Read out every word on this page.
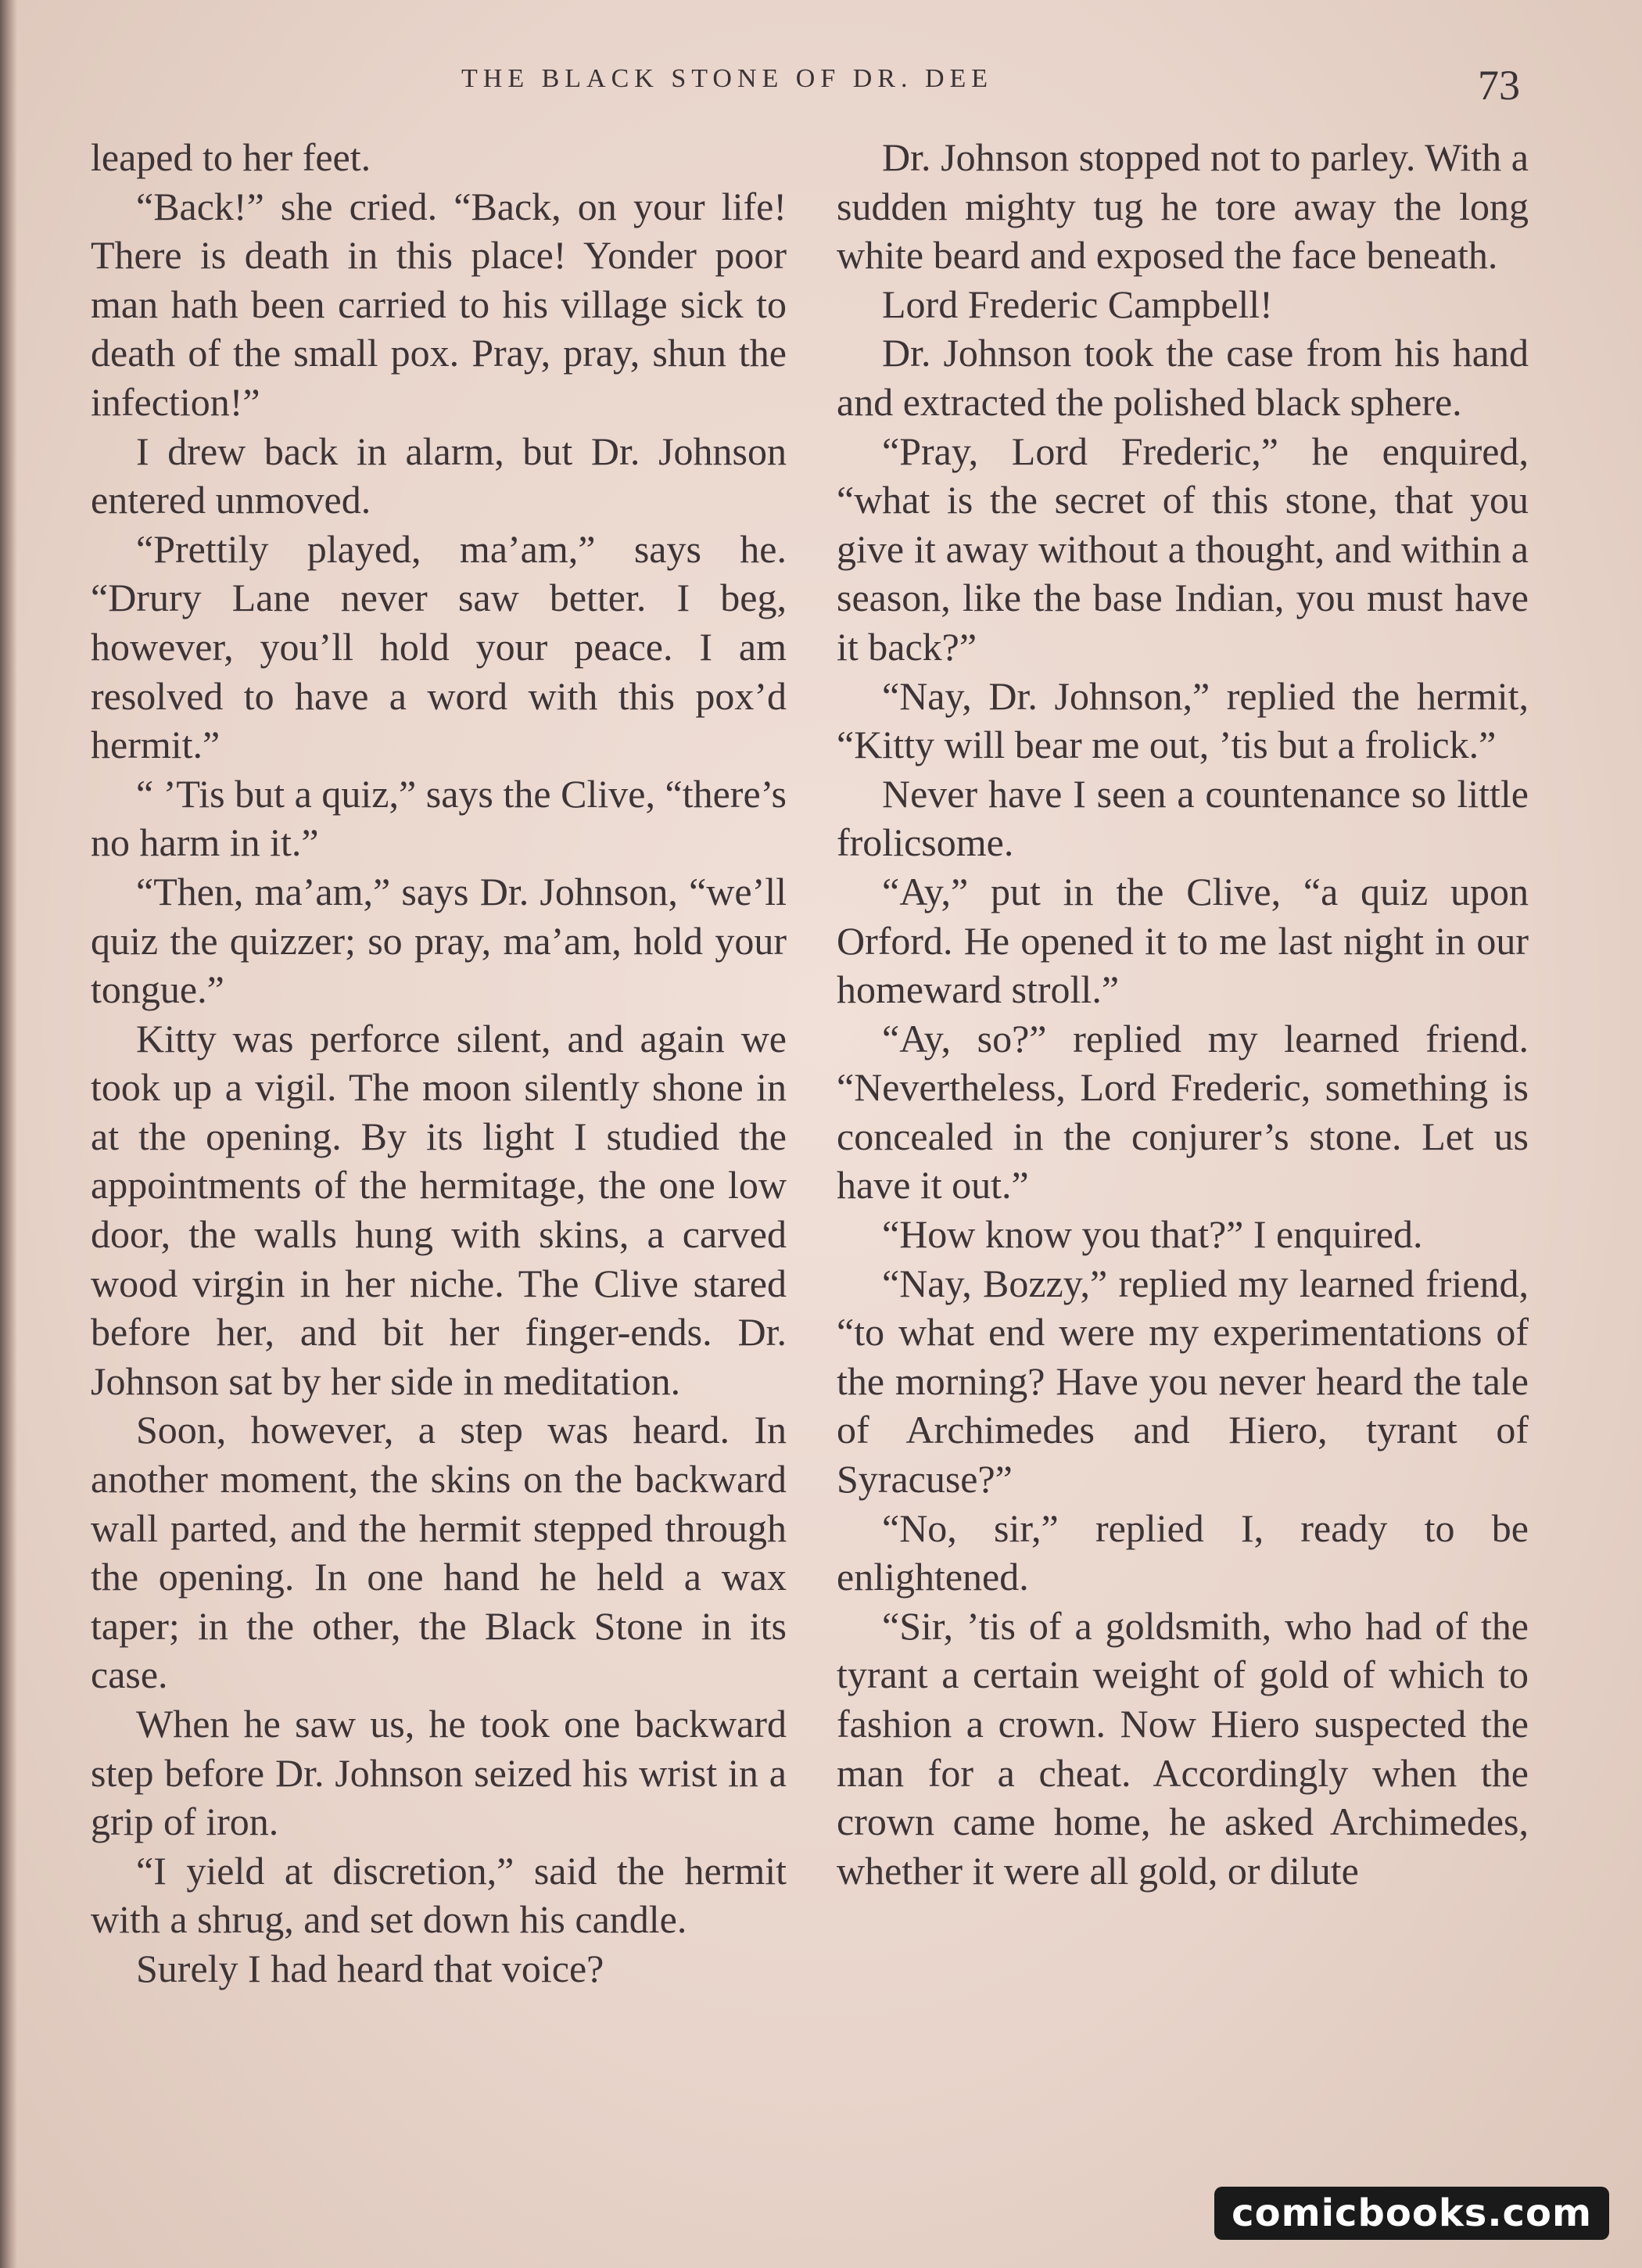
THE BLACK STONE OF DR. DEE	73

leaped to her feet.

“Back!” she cried. “Back, on your life! There is death in this place! Yonder poor man hath been carried to his village sick to death of the small pox. Pray, pray, shun the infection!”

I drew back in alarm, but Dr. Johnson entered unmoved.

“Prettily played, ma’am,” says he. “Drury Lane never saw better. I beg, however, you’ll hold your peace. I am resolved to have a word with this pox’d hermit.”

“ ’Tis but a quiz,” says the Clive, “there’s no harm in it.”

“Then, ma’am,” says Dr. Johnson, “we’ll quiz the quizzer; so pray, ma’am, hold your tongue.”

Kitty was perforce silent, and again we took up a vigil. The moon silently shone in at the opening. By its light I studied the appointments of the hermitage, the one low door, the walls hung with skins, a carved wood virgin in her niche. The Clive stared before her, and bit her finger-ends. Dr. Johnson sat by her side in meditation.

Soon, however, a step was heard. In another moment, the skins on the backward wall parted, and the hermit stepped through the opening. In one hand he held a wax taper; in the other, the Black Stone in its case.

When he saw us, he took one backward step before Dr. Johnson seized his wrist in a grip of iron.

“I yield at discretion,” said the hermit with a shrug, and set down his candle.

Surely I had heard that voice?

Dr. Johnson stopped not to parley. With a sudden mighty tug he tore away the long white beard and exposed the face beneath.

Lord Frederic Campbell!

Dr. Johnson took the case from his hand and extracted the polished black sphere.

“Pray, Lord Frederic,” he enquired, “what is the secret of this stone, that you give it away without a thought, and within a season, like the base Indian, you must have it back?”

“Nay, Dr. Johnson,” replied the hermit, “Kitty will bear me out, ’tis but a frolick.”

Never have I seen a countenance so little frolicsome.

“Ay,” put in the Clive, “a quiz upon Orford. He opened it to me last night in our homeward stroll.”

“Ay, so?” replied my learned friend. “Nevertheless, Lord Frederic, something is concealed in the conjurer’s stone. Let us have it out.”

“How know you that?” I enquired.

“Nay, Bozzy,” replied my learned friend, “to what end were my experimentations of the morning? Have you never heard the tale of Archimedes and Hiero, tyrant of Syracuse?”

“No, sir,” replied I, ready to be enlightened.

“Sir, ’tis of a goldsmith, who had of the tyrant a certain weight of gold of which to fashion a crown. Now Hiero suspected the man for a cheat. Accordingly when the crown came home, he asked Archimedes, whether it were all gold, or dilute

comicbooks.com
